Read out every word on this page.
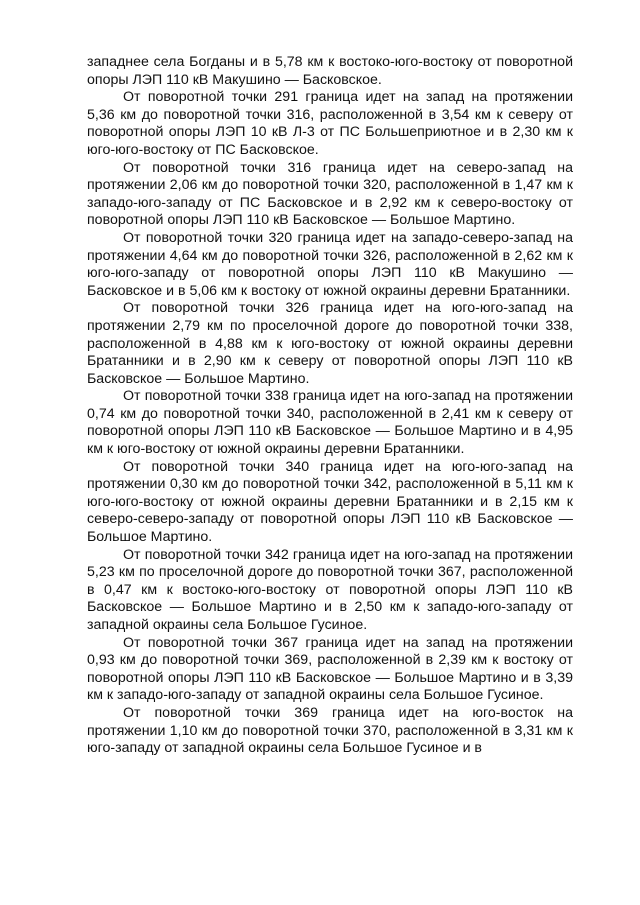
западнее села Богданы и в 5,78 км к востоко-юго-востоку от поворотной опоры ЛЭП 110 кВ Макушино — Басковское.

От поворотной точки 291 граница идет на запад на протяжении 5,36 км до поворотной точки 316, расположенной в 3,54 км к северу от поворотной опоры ЛЭП 10 кВ Л-3 от ПС Большеприютное и в 2,30 км к юго-юго-востоку от ПС Басковское.

От поворотной точки 316 граница идет на северо-запад на протяжении 2,06 км до поворотной точки 320, расположенной в 1,47 км к западо-юго-западу от ПС Басковское и в 2,92 км к северо-востоку от поворотной опоры ЛЭП 110 кВ Басковское — Большое Мартино.

От поворотной точки 320 граница идет на западо-северо-запад на протяжении 4,64 км до поворотной точки 326, расположенной в 2,62 км к юго-юго-западу от поворотной опоры ЛЭП 110 кВ Макушино — Басковское и в 5,06 км к востоку от южной окраины деревни Братанники.

От поворотной точки 326 граница идет на юго-юго-запад на протяжении 2,79 км по проселочной дороге до поворотной точки 338, расположенной в 4,88 км к юго-востоку от южной окраины деревни Братанники и в 2,90 км к северу от поворотной опоры ЛЭП 110 кВ Басковское — Большое Мартино.

От поворотной точки 338 граница идет на юго-запад на протяжении 0,74 км до поворотной точки 340, расположенной в 2,41 км к северу от поворотной опоры ЛЭП 110 кВ Басковское — Большое Мартино и в 4,95 км к юго-востоку от южной окраины деревни Братанники.

От поворотной точки 340 граница идет на юго-юго-запад на протяжении 0,30 км до поворотной точки 342, расположенной в 5,11 км к юго-юго-востоку от южной окраины деревни Братанники и в 2,15 км к северо-северо-западу от поворотной опоры ЛЭП 110 кВ Басковское — Большое Мартино.

От поворотной точки 342 граница идет на юго-запад на протяжении 5,23 км по проселочной дороге до поворотной точки 367, расположенной в 0,47 км к востоко-юго-востоку от поворотной опоры ЛЭП 110 кВ Басковское — Большое Мартино и в 2,50 км к западо-юго-западу от западной окраины села Большое Гусиное.

От поворотной точки 367 граница идет на запад на протяжении 0,93 км до поворотной точки 369, расположенной в 2,39 км к востоку от поворотной опоры ЛЭП 110 кВ Басковское — Большое Мартино и в 3,39 км к западо-юго-западу от западной окраины села Большое Гусиное.

От поворотной точки 369 граница идет на юго-восток на протяжении 1,10 км до поворотной точки 370, расположенной в 3,31 км к юго-западу от западной окраины села Большое Гусиное и в
